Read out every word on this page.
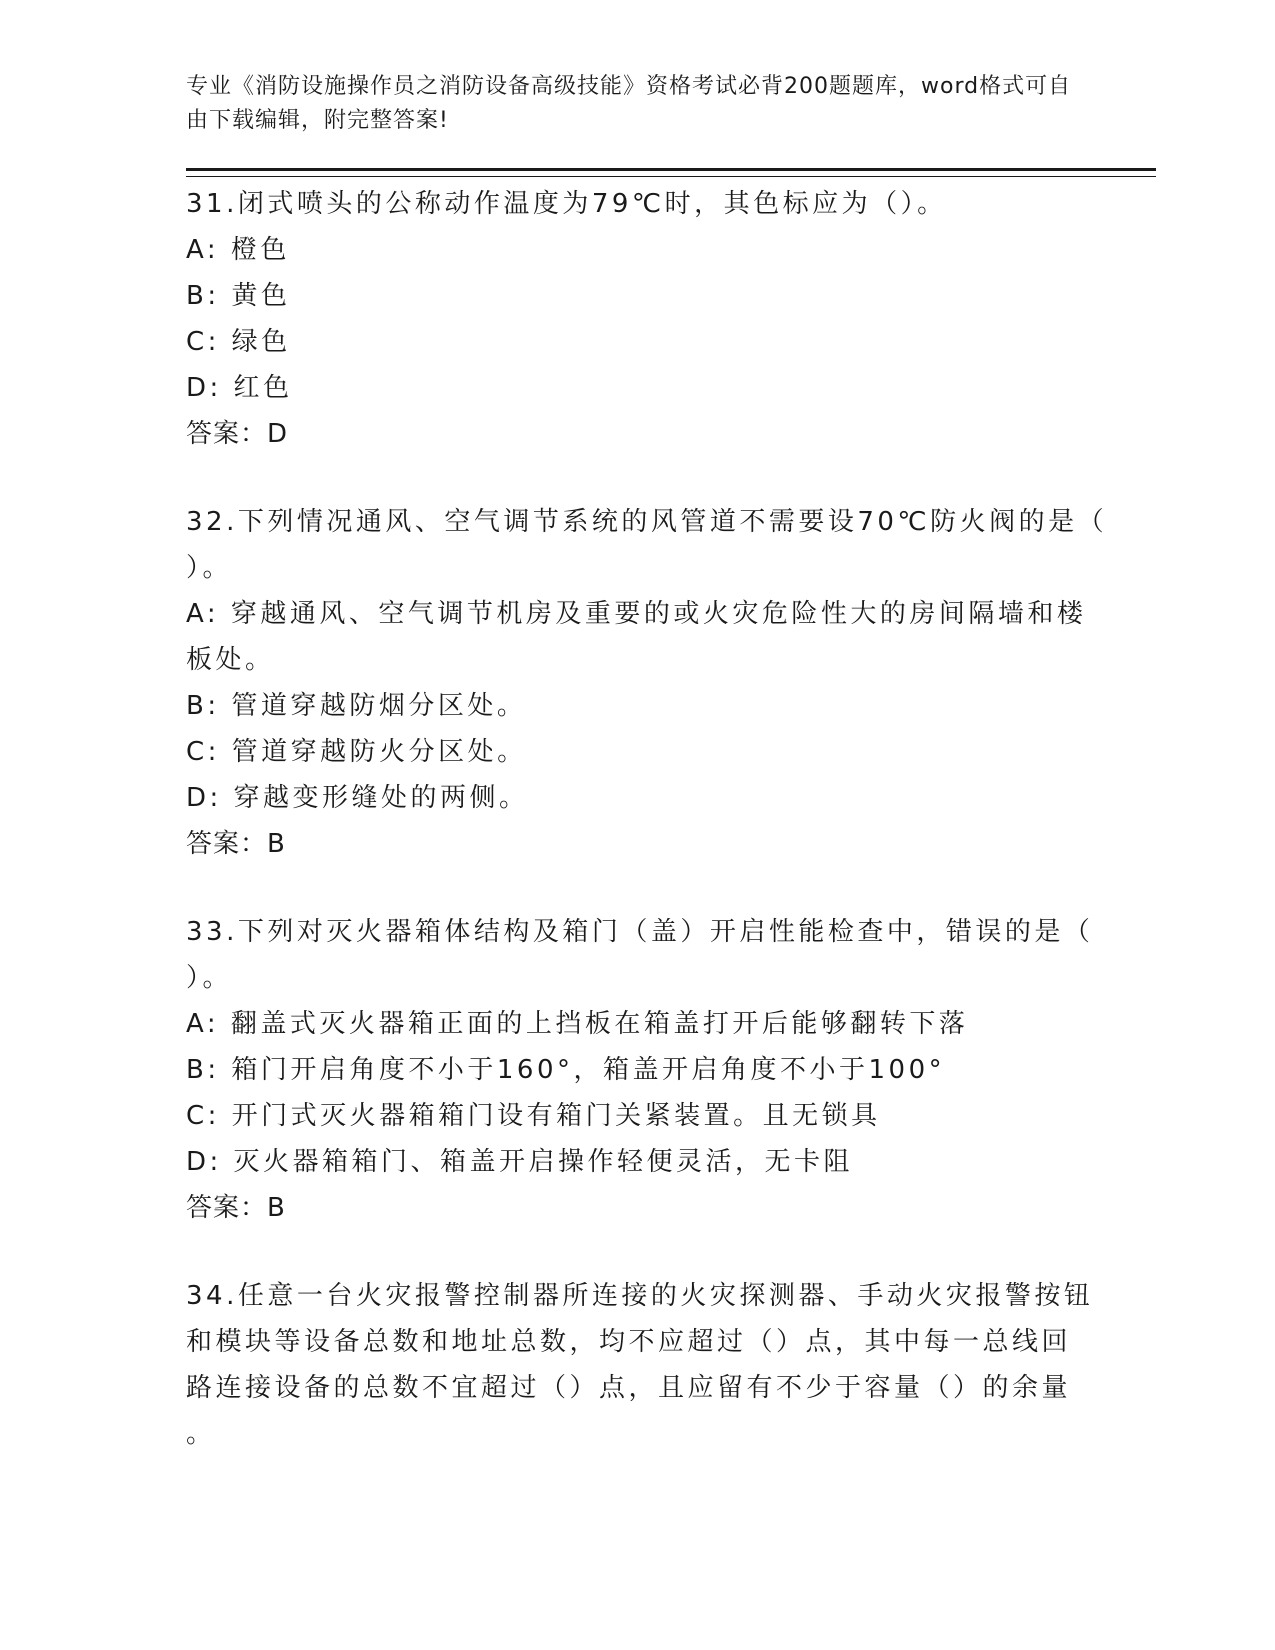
专业《消防设施操作员之消防设备高级技能》资格考试必背200题题库，word格式可自由下载编辑，附完整答案!

31.闭式喷头的公称动作温度为79℃时，其色标应为（）。

A: 橙色

B: 黄色

C: 绿色

D: 红色

答案：D

32.下列情况通风、空气调节系统的风管道不需要设70℃防火阀的是（

）。

A: 穿越通风、空气调节机房及重要的或火灾危险性大的房间隔墙和楼

板处。

B: 管道穿越防烟分区处。

C: 管道穿越防火分区处。

D: 穿越变形缝处的两侧。

答案：B

33.下列对灭火器箱体结构及箱门（盖）开启性能检查中，错误的是（

）。

A: 翻盖式灭火器箱正面的上挡板在箱盖打开后能够翻转下落

B: 箱门开启角度不小于160°，箱盖开启角度不小于100°

C: 开门式灭火器箱箱门设有箱门关紧装置。且无锁具

D: 灭火器箱箱门、箱盖开启操作轻便灵活，无卡阻

答案：B

34.任意一台火灾报警控制器所连接的火灾探测器、手动火灾报警按钮

和模块等设备总数和地址总数，均不应超过（）点，其中每一总线回

路连接设备的总数不宜超过（）点，且应留有不少于容量（）的余量

。
